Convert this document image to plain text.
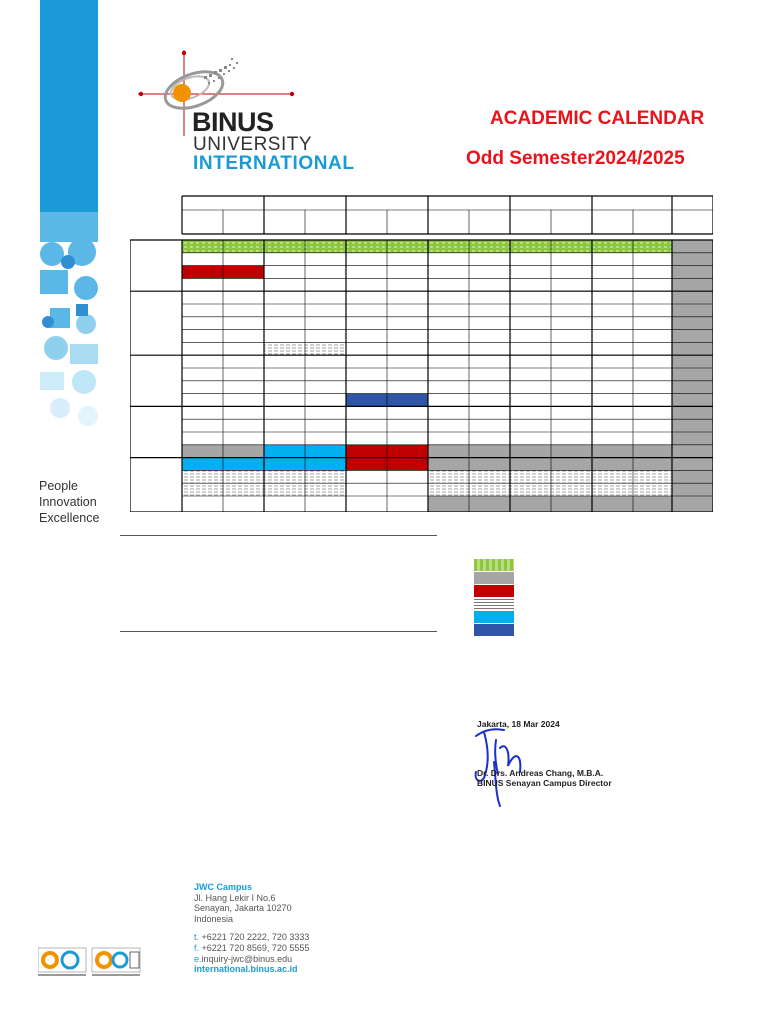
People
Innovation
Excellence
BINUS
UNIVERSITY
INTERNATIONAL
ACADEMIC CALENDAR
Odd Semester2024/2025
Jakarta, 18 Mar 2024
Dr. Drs. Andreas Chang, M.B.A.
BINUS Senayan Campus Director
JWC Campus
Jl. Hang Lekir I No.6
Senayan, Jakarta 10270
Indonesia
t. +6221 720 2222, 720 3333
f. +6221 720 8569, 720 5555
e.inquiry-jwc@binus.edu
international.binus.ac.id
